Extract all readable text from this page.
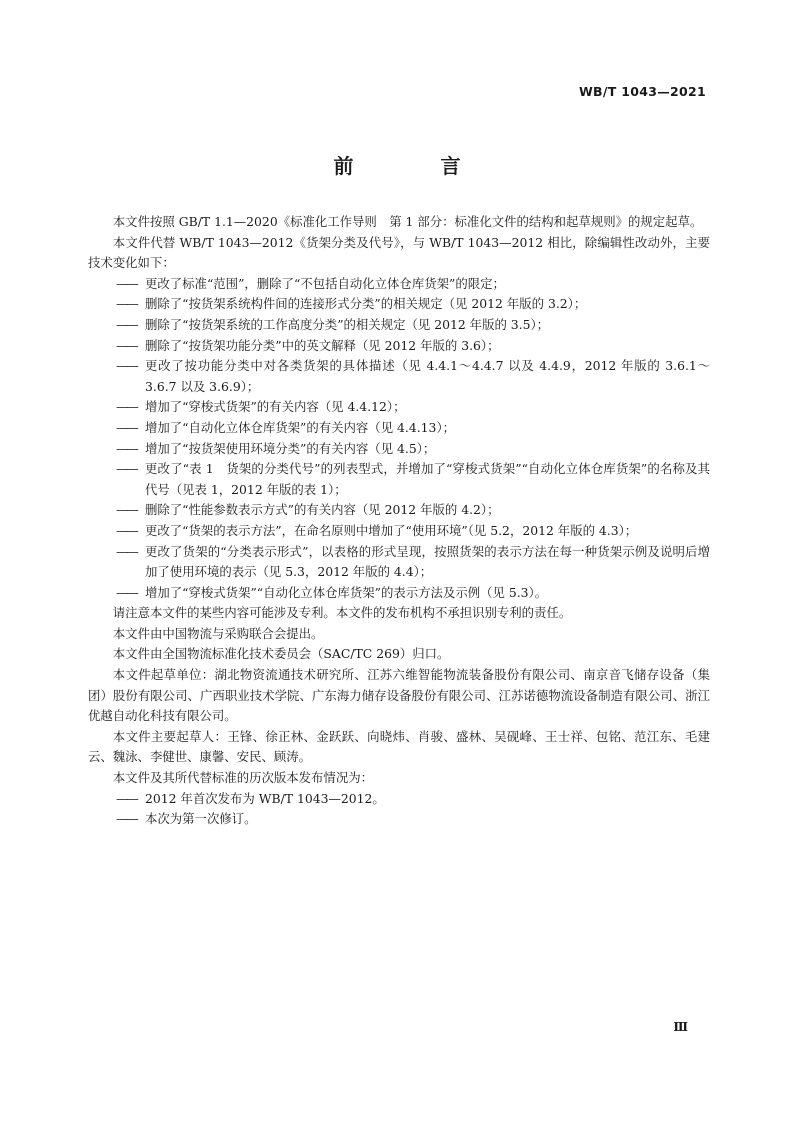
WB/T 1043—2021
前 言
本文件按照 GB/T 1.1—2020《标准化工作导则　第 1 部分：标准化文件的结构和起草规则》的规定起草。
本文件代替 WB/T 1043—2012《货架分类及代号》，与 WB/T 1043—2012 相比，除编辑性改动外，主要技术变化如下：
—— 更改了标准“范围”，删除了“不包括自动化立体仓库货架”的限定；
—— 删除了“按货架系统构件间的连接形式分类”的相关规定（见 2012 年版的 3.2）；
—— 删除了“按货架系统的工作高度分类”的相关规定（见 2012 年版的 3.5）；
—— 删除了“按货架功能分类”中的英文解释（见 2012 年版的 3.6）；
—— 更改了按功能分类中对各类货架的具体描述（见 4.4.1～4.4.7 以及 4.4.9，2012 年版的 3.6.1～3.6.7 以及 3.6.9）；
—— 增加了“穿梭式货架”的有关内容（见 4.4.12）；
—— 增加了“自动化立体仓库货架”的有关内容（见 4.4.13）；
—— 增加了“按货架使用环境分类”的有关内容（见 4.5）；
—— 更改了“表 1　货架的分类代号”的列表型式，并增加了“穿梭式货架”“自动化立体仓库货架”的名称及其代号（见表 1，2012 年版的表 1）；
—— 删除了“性能参数表示方式”的有关内容（见 2012 年版的 4.2）；
—— 更改了“货架的表示方法”，在命名原则中增加了“使用环境”（见 5.2，2012 年版的 4.3）；
—— 更改了货架的“分类表示形式”，以表格的形式呈现，按照货架的表示方法在每一种货架示例及说明后增加了使用环境的表示（见 5.3，2012 年版的 4.4）；
—— 增加了“穿梭式货架”“自动化立体仓库货架”的表示方法及示例（见 5.3）。
请注意本文件的某些内容可能涉及专利。本文件的发布机构不承担识别专利的责任。
本文件由中国物流与采购联合会提出。
本文件由全国物流标准化技术委员会（SAC/TC 269）归口。
本文件起草单位：湖北物资流通技术研究所、江苏六维智能物流装备股份有限公司、南京音飞储存设备（集团）股份有限公司、广西职业技术学院、广东海力储存设备股份有限公司、江苏诺德物流设备制造有限公司、浙江优越自动化科技有限公司。
本文件主要起草人：王锋、徐正林、金跃跃、向晓炜、肖骏、盛林、吴砚峰、王士祥、包铭、范江东、毛建云、魏泳、李健世、康馨、安民、顾涛。
本文件及其所代替标准的历次版本发布情况为：
—— 2012 年首次发布为 WB/T 1043—2012。
—— 本次为第一次修订。
Ⅲ
